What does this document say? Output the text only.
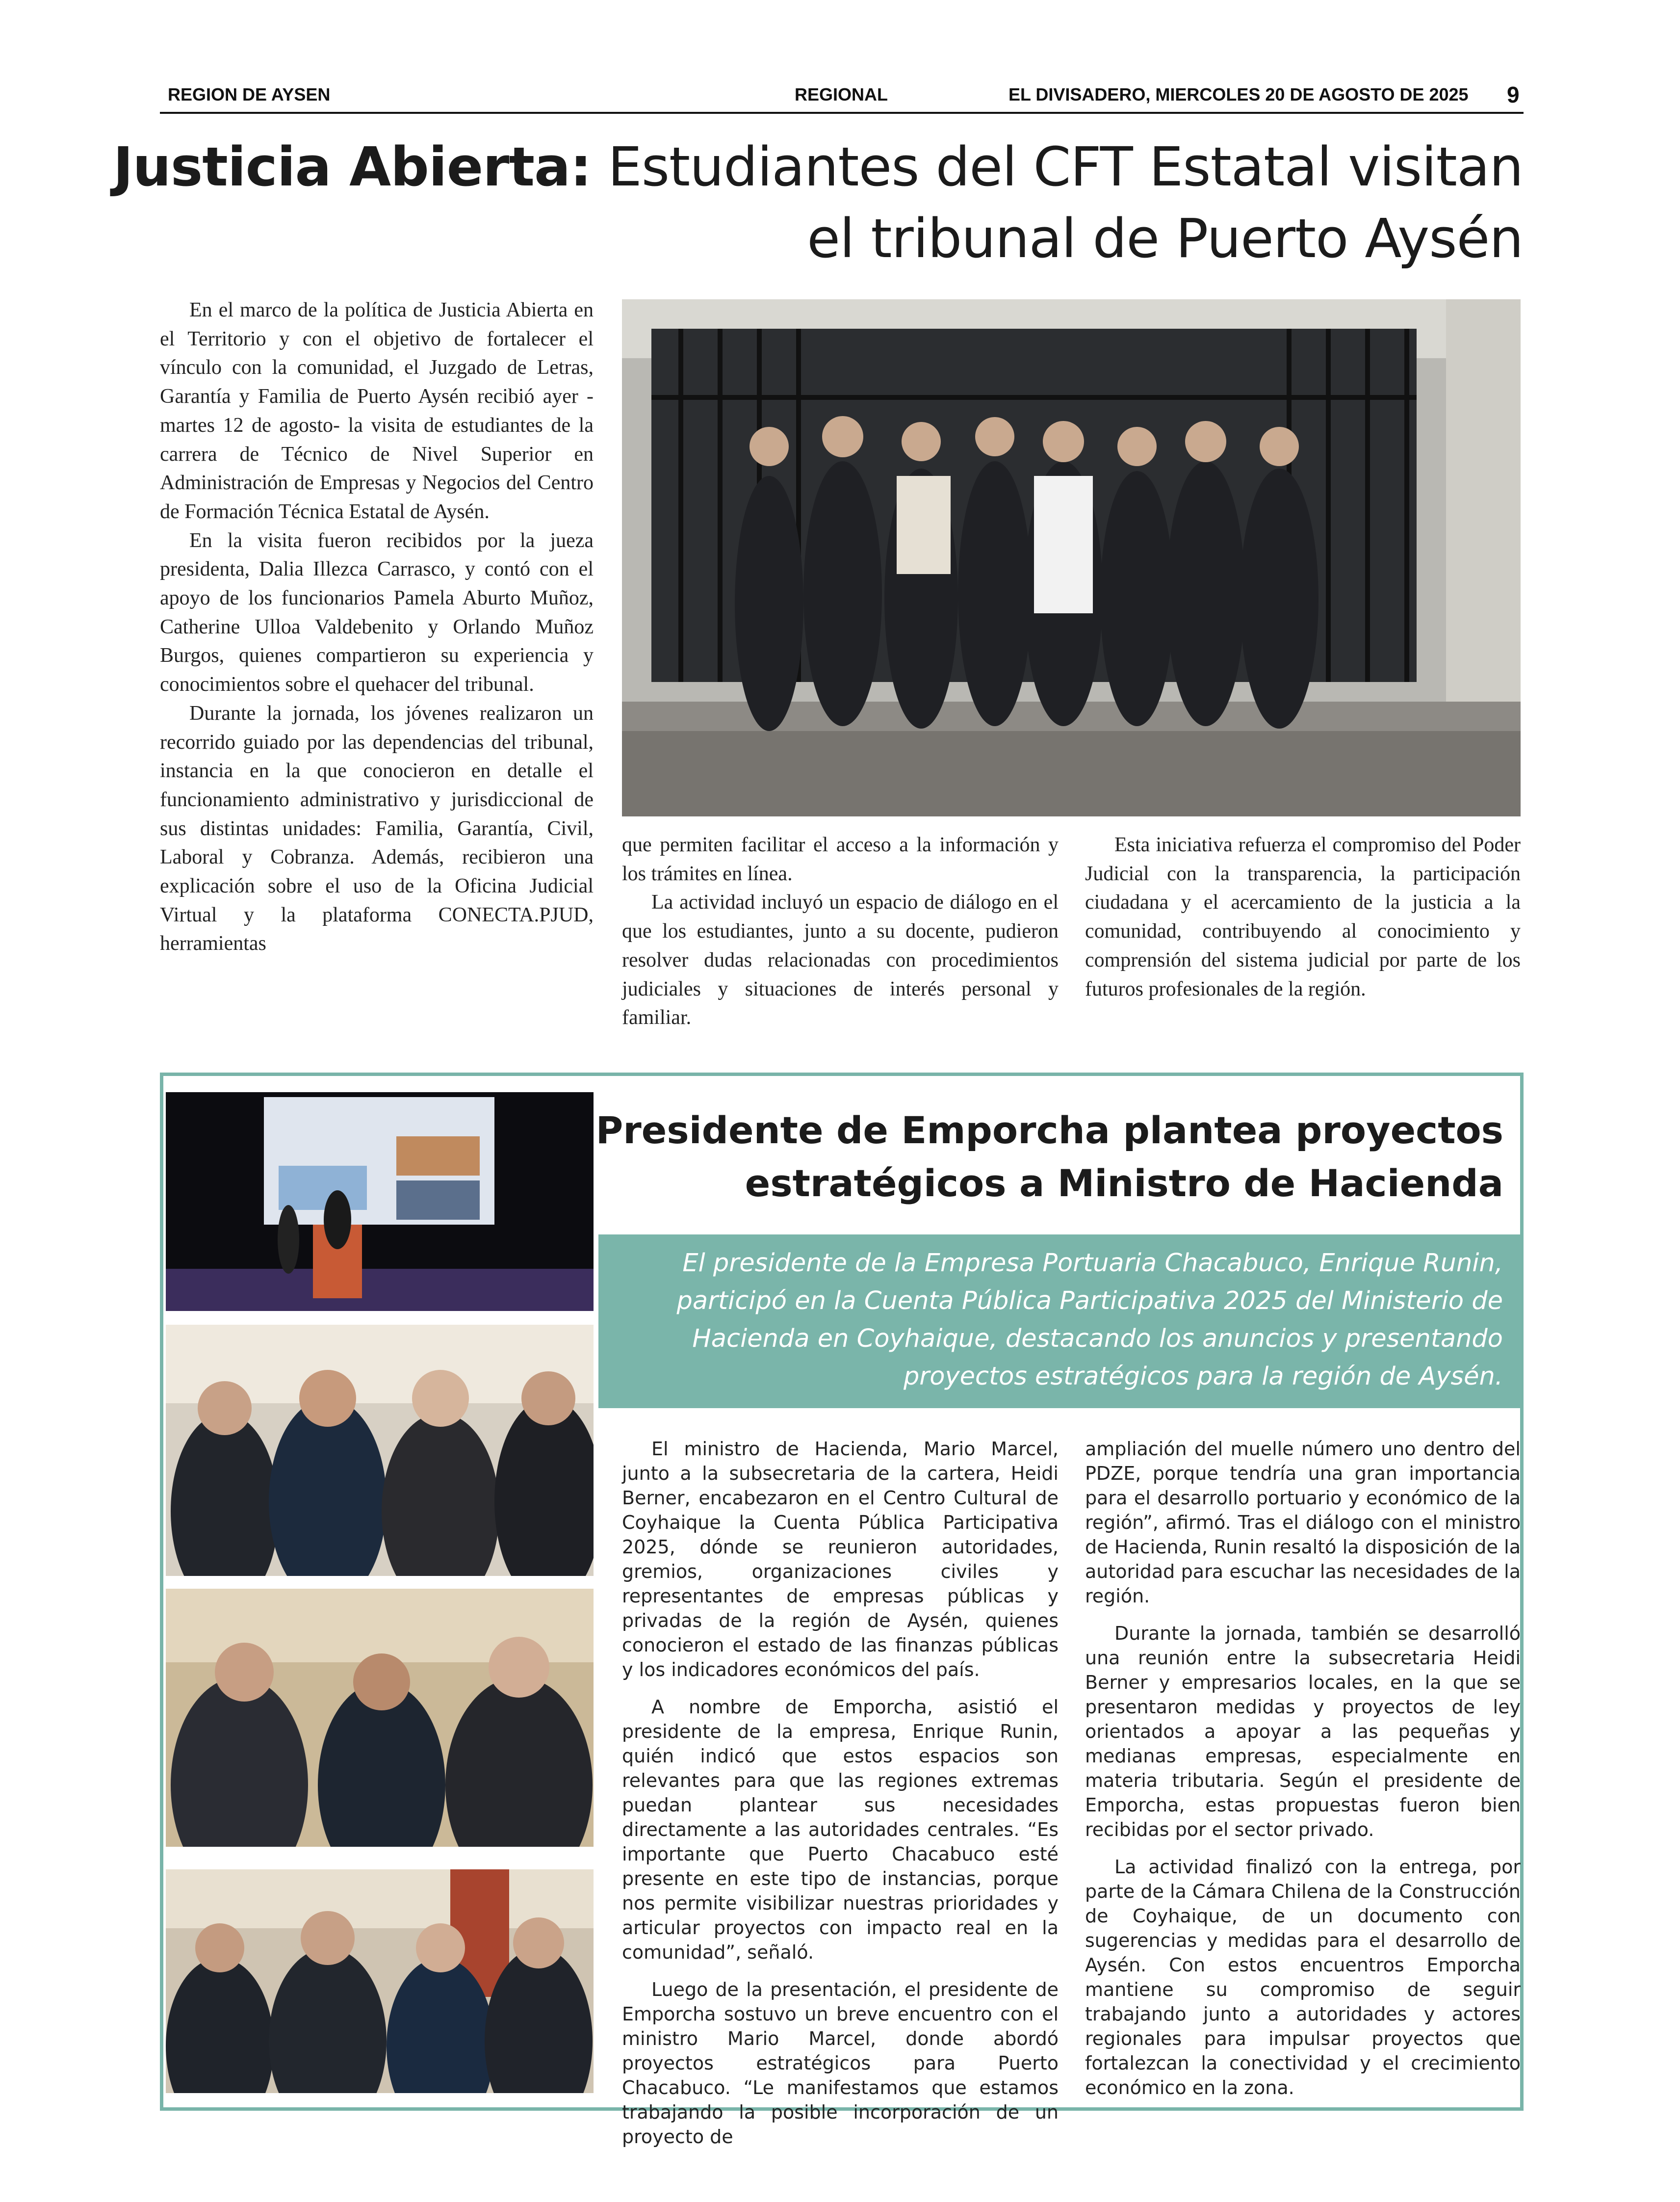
REGION DE AYSEN	REGIONAL	EL DIVISADERO, MIERCOLES 20 DE AGOSTO DE 2025 9
Justicia Abierta: Estudiantes del CFT Estatal visitan
el tribunal de Puerto Aysén

En el marco de la política de Justicia Abierta en el Territorio y con el objetivo de fortalecer el vínculo con la comunidad, el Juzgado de Letras, Garantía y Familia de Puerto Aysén recibió ayer -martes 12 de agosto- la visita de estudiantes de la carrera de Técnico de Nivel Superior en Administración de Empresas y Negocios del Centro de Formación Técnica Estatal de Aysén.

En la visita fueron recibidos por la jueza presidenta, Dalia Illezca Carrasco, y contó con el apoyo de los funcionarios Pamela Aburto Muñoz, Catherine Ulloa Valdebenito y Orlando Muñoz Burgos, quienes compartieron su experiencia y conocimientos sobre el quehacer del tribunal.

Durante la jornada, los jóvenes realizaron un recorrido guiado por las dependencias del tribunal, instancia en la que conocieron en detalle el funcionamiento administrativo y jurisdiccional de sus distintas unidades: Familia, Garantía, Civil, Laboral y Cobranza. Además, recibieron una explicación sobre el uso de la Oficina Judicial Virtual y la plataforma CONECTA.PJUD, herramientas

que permiten facilitar el acceso a la información y los trámites en línea.

La actividad incluyó un espacio de diálogo en el que los estudiantes, junto a su docente, pudieron resolver dudas relacionadas con procedimientos judiciales y situaciones de interés personal y familiar.

Esta iniciativa refuerza el compromiso del Poder Judicial con la transparencia, la participación ciudadana y el acercamiento de la justicia a la comunidad, contribuyendo al conocimiento y comprensión del sistema judicial por parte de los futuros profesionales de la región.

Presidente de Emporcha plantea proyectos
estratégicos a Ministro de Hacienda
El presidente de la Empresa Portuaria Chacabuco, Enrique Runin,
participó en la Cuenta Pública Participativa 2025 del Ministerio de
Hacienda en Coyhaique, destacando los anuncios y presentando
proyectos estratégicos para la región de Aysén.

El ministro de Hacienda, Mario Marcel, junto a la subsecretaria de la cartera, Heidi Berner, encabezaron en el Centro Cultural de Coyhaique la Cuenta Pública Participativa 2025, dónde se reunieron autoridades, gremios, organizaciones civiles y representantes de empresas públicas y privadas de la región de Aysén, quienes conocieron el estado de las finanzas públicas y los indicadores económicos del país.

A nombre de Emporcha, asistió el presidente de la empresa, Enrique Runin, quién indicó que estos espacios son relevantes para que las regiones extremas puedan plantear sus necesidades directamente a las autoridades centrales. “Es importante que Puerto Chacabuco esté presente en este tipo de instancias, porque nos permite visibilizar nuestras prioridades y articular proyectos con impacto real en la comunidad”, señaló.

Luego de la presentación, el presidente de Emporcha sostuvo un breve encuentro con el ministro Mario Marcel, donde abordó proyectos estratégicos para Puerto Chacabuco. “Le manifestamos que estamos trabajando la posible incorporación de un proyecto de

ampliación del muelle número uno dentro del PDZE, porque tendría una gran importancia para el desarrollo portuario y económico de la región”, afirmó. Tras el diálogo con el ministro de Hacienda, Runin resaltó la disposición de la autoridad para escuchar las necesidades de la región.

Durante la jornada, también se desarrolló una reunión entre la subsecretaria Heidi Berner y empresarios locales, en la que se presentaron medidas y proyectos de ley orientados a apoyar a las pequeñas y medianas empresas, especialmente en materia tributaria. Según el presidente de Emporcha, estas propuestas fueron bien recibidas por el sector privado.

La actividad finalizó con la entrega, por parte de la Cámara Chilena de la Construcción de Coyhaique, de un documento con sugerencias y medidas para el desarrollo de Aysén. Con estos encuentros Emporcha mantiene su compromiso de seguir trabajando junto a autoridades y actores regionales para impulsar proyectos que fortalezcan la conectividad y el crecimiento económico en la zona.
